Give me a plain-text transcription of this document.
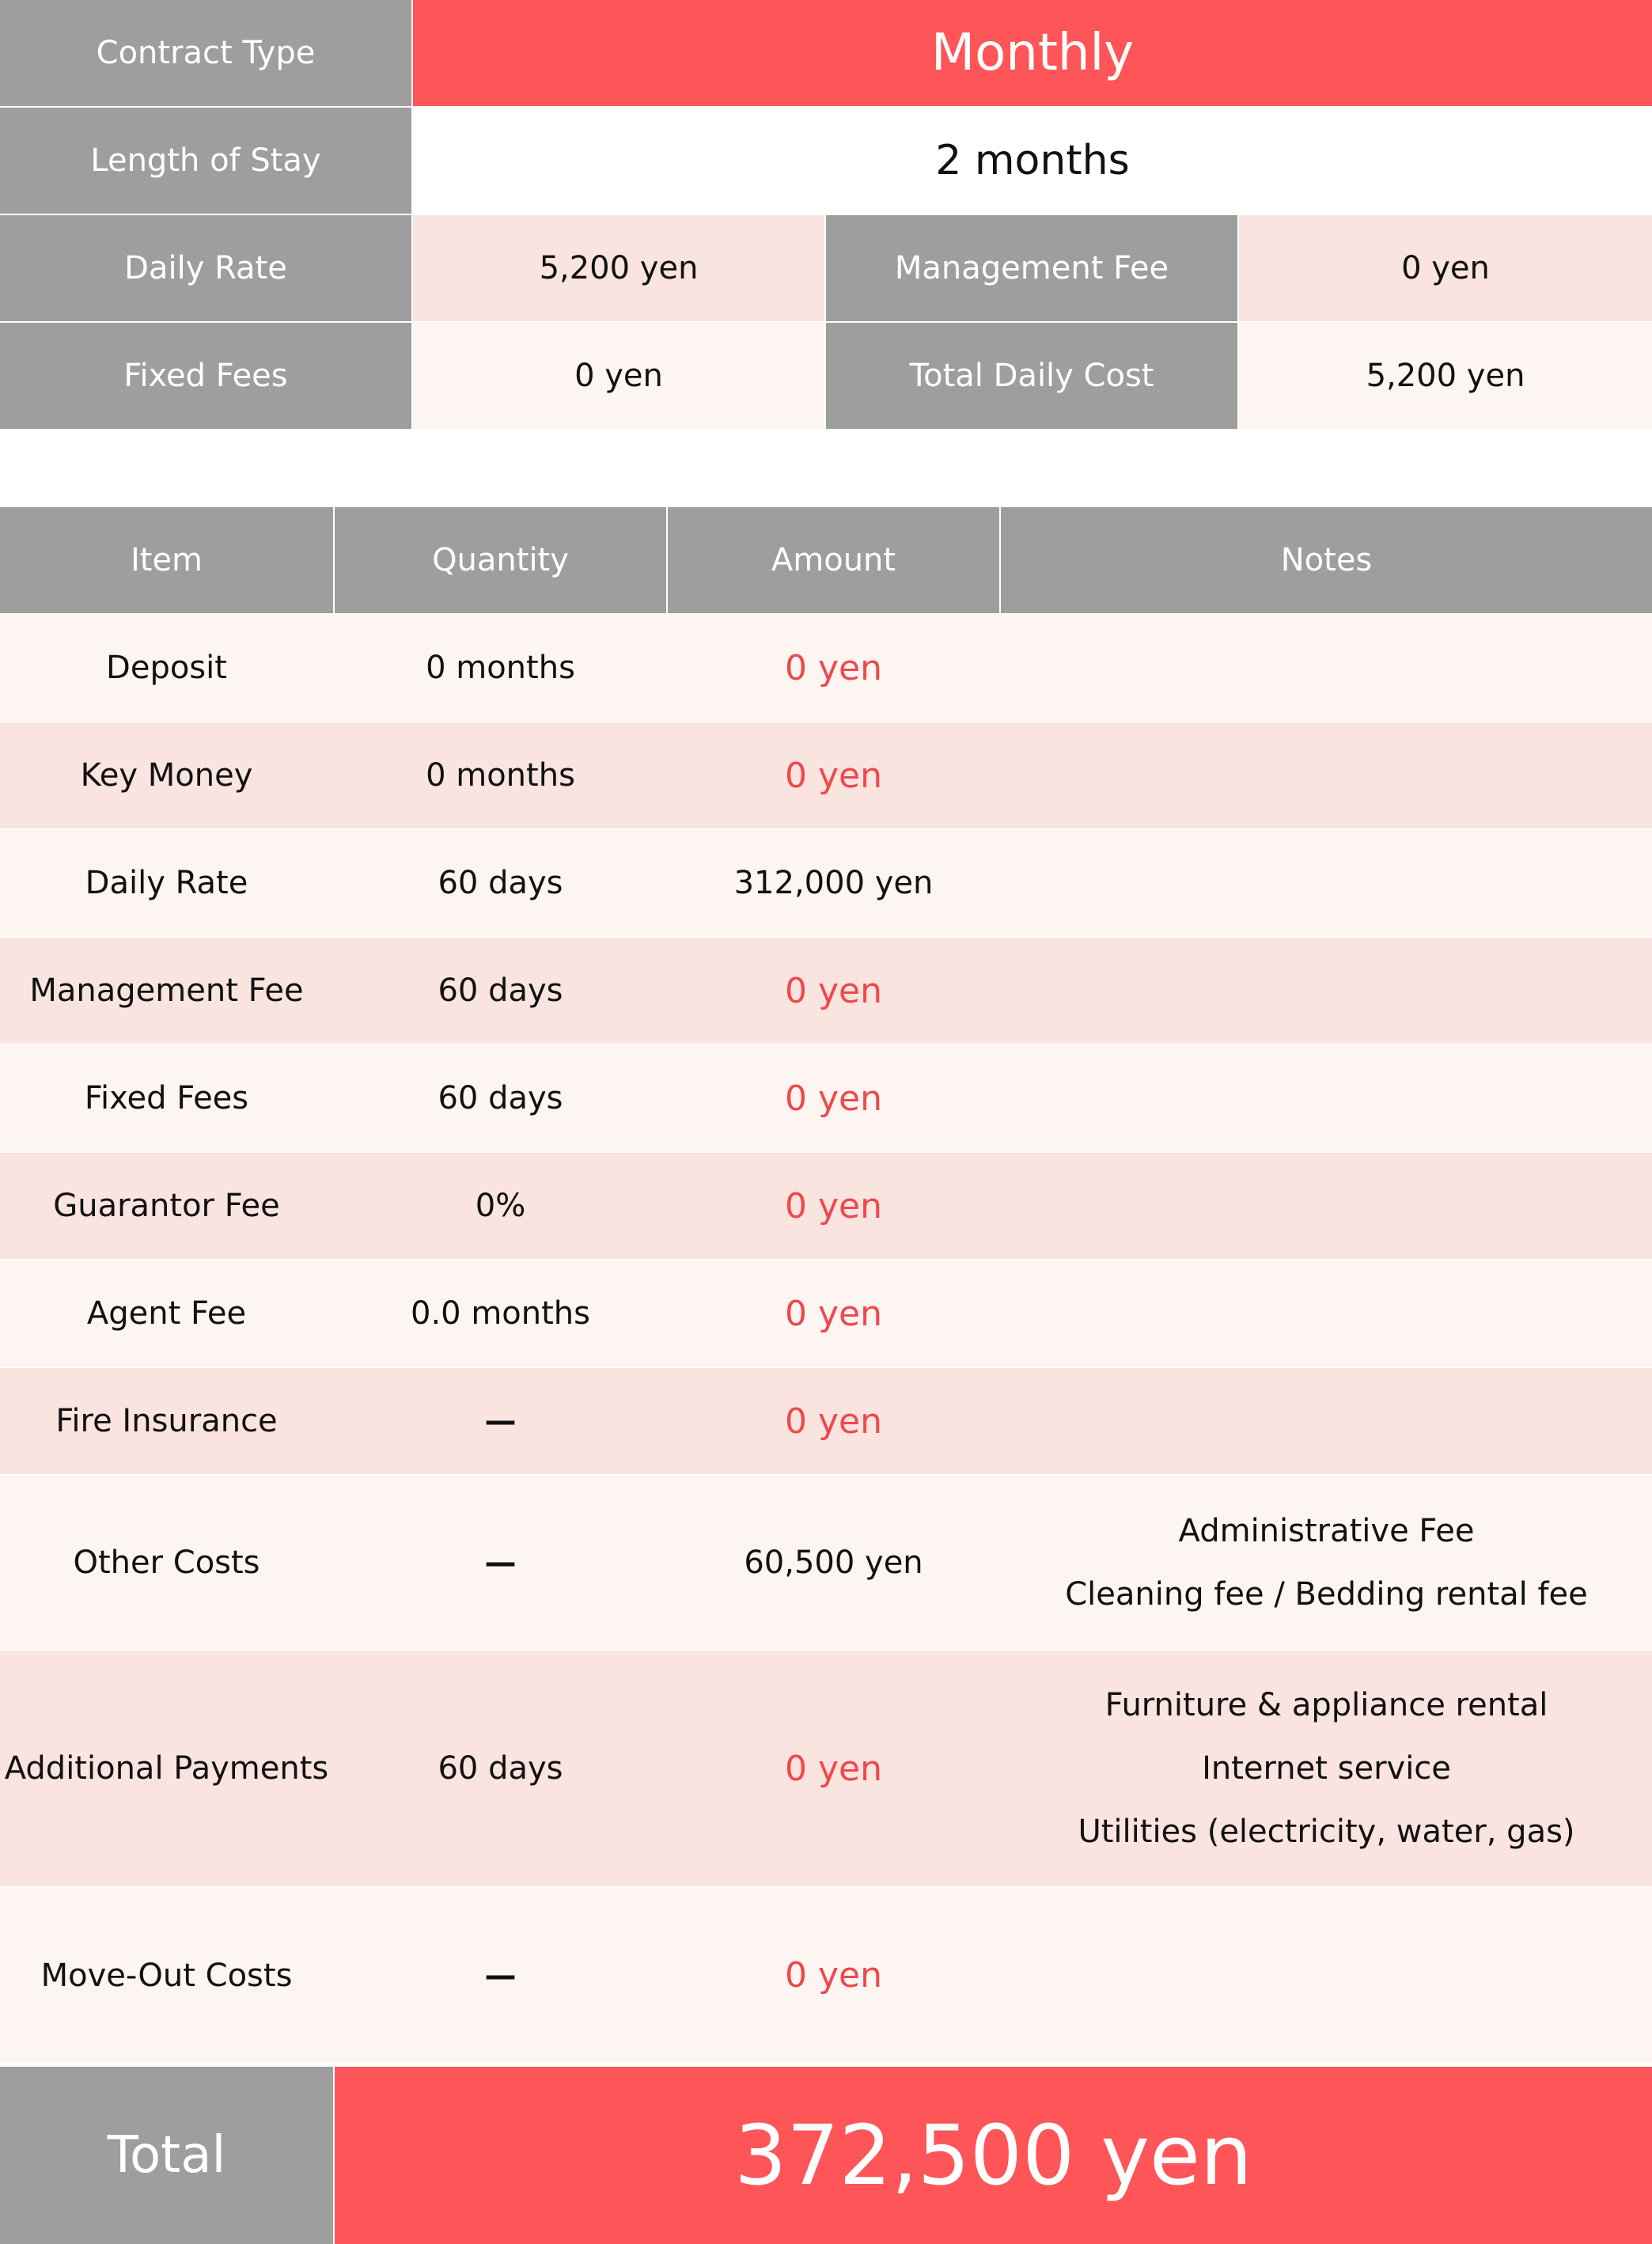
Contract Type	Monthly
Length of Stay	2 months
Daily Rate	5,200 yen	Management Fee	0 yen
Fixed Fees	0 yen	Total Daily Cost	5,200 yen
Item	Quantity	Amount	Notes
Deposit	0 months	0 yen
Key Money	0 months	0 yen
Daily Rate	60 days	312,000 yen
Management Fee	60 days	0 yen
Fixed Fees	60 days	0 yen
Guarantor Fee	0%	0 yen
Agent Fee	0.0 months	0 yen
Fire Insurance	—	0 yen
Other Costs	—	60,500 yen
Administrative Fee
Cleaning fee / Bedding rental fee
Additional Payments	60 days	0 yen
Furniture & appliance rental
Internet service
Utilities (electricity, water, gas)
Move-Out Costs	—	0 yen
Total	372,500 yen
